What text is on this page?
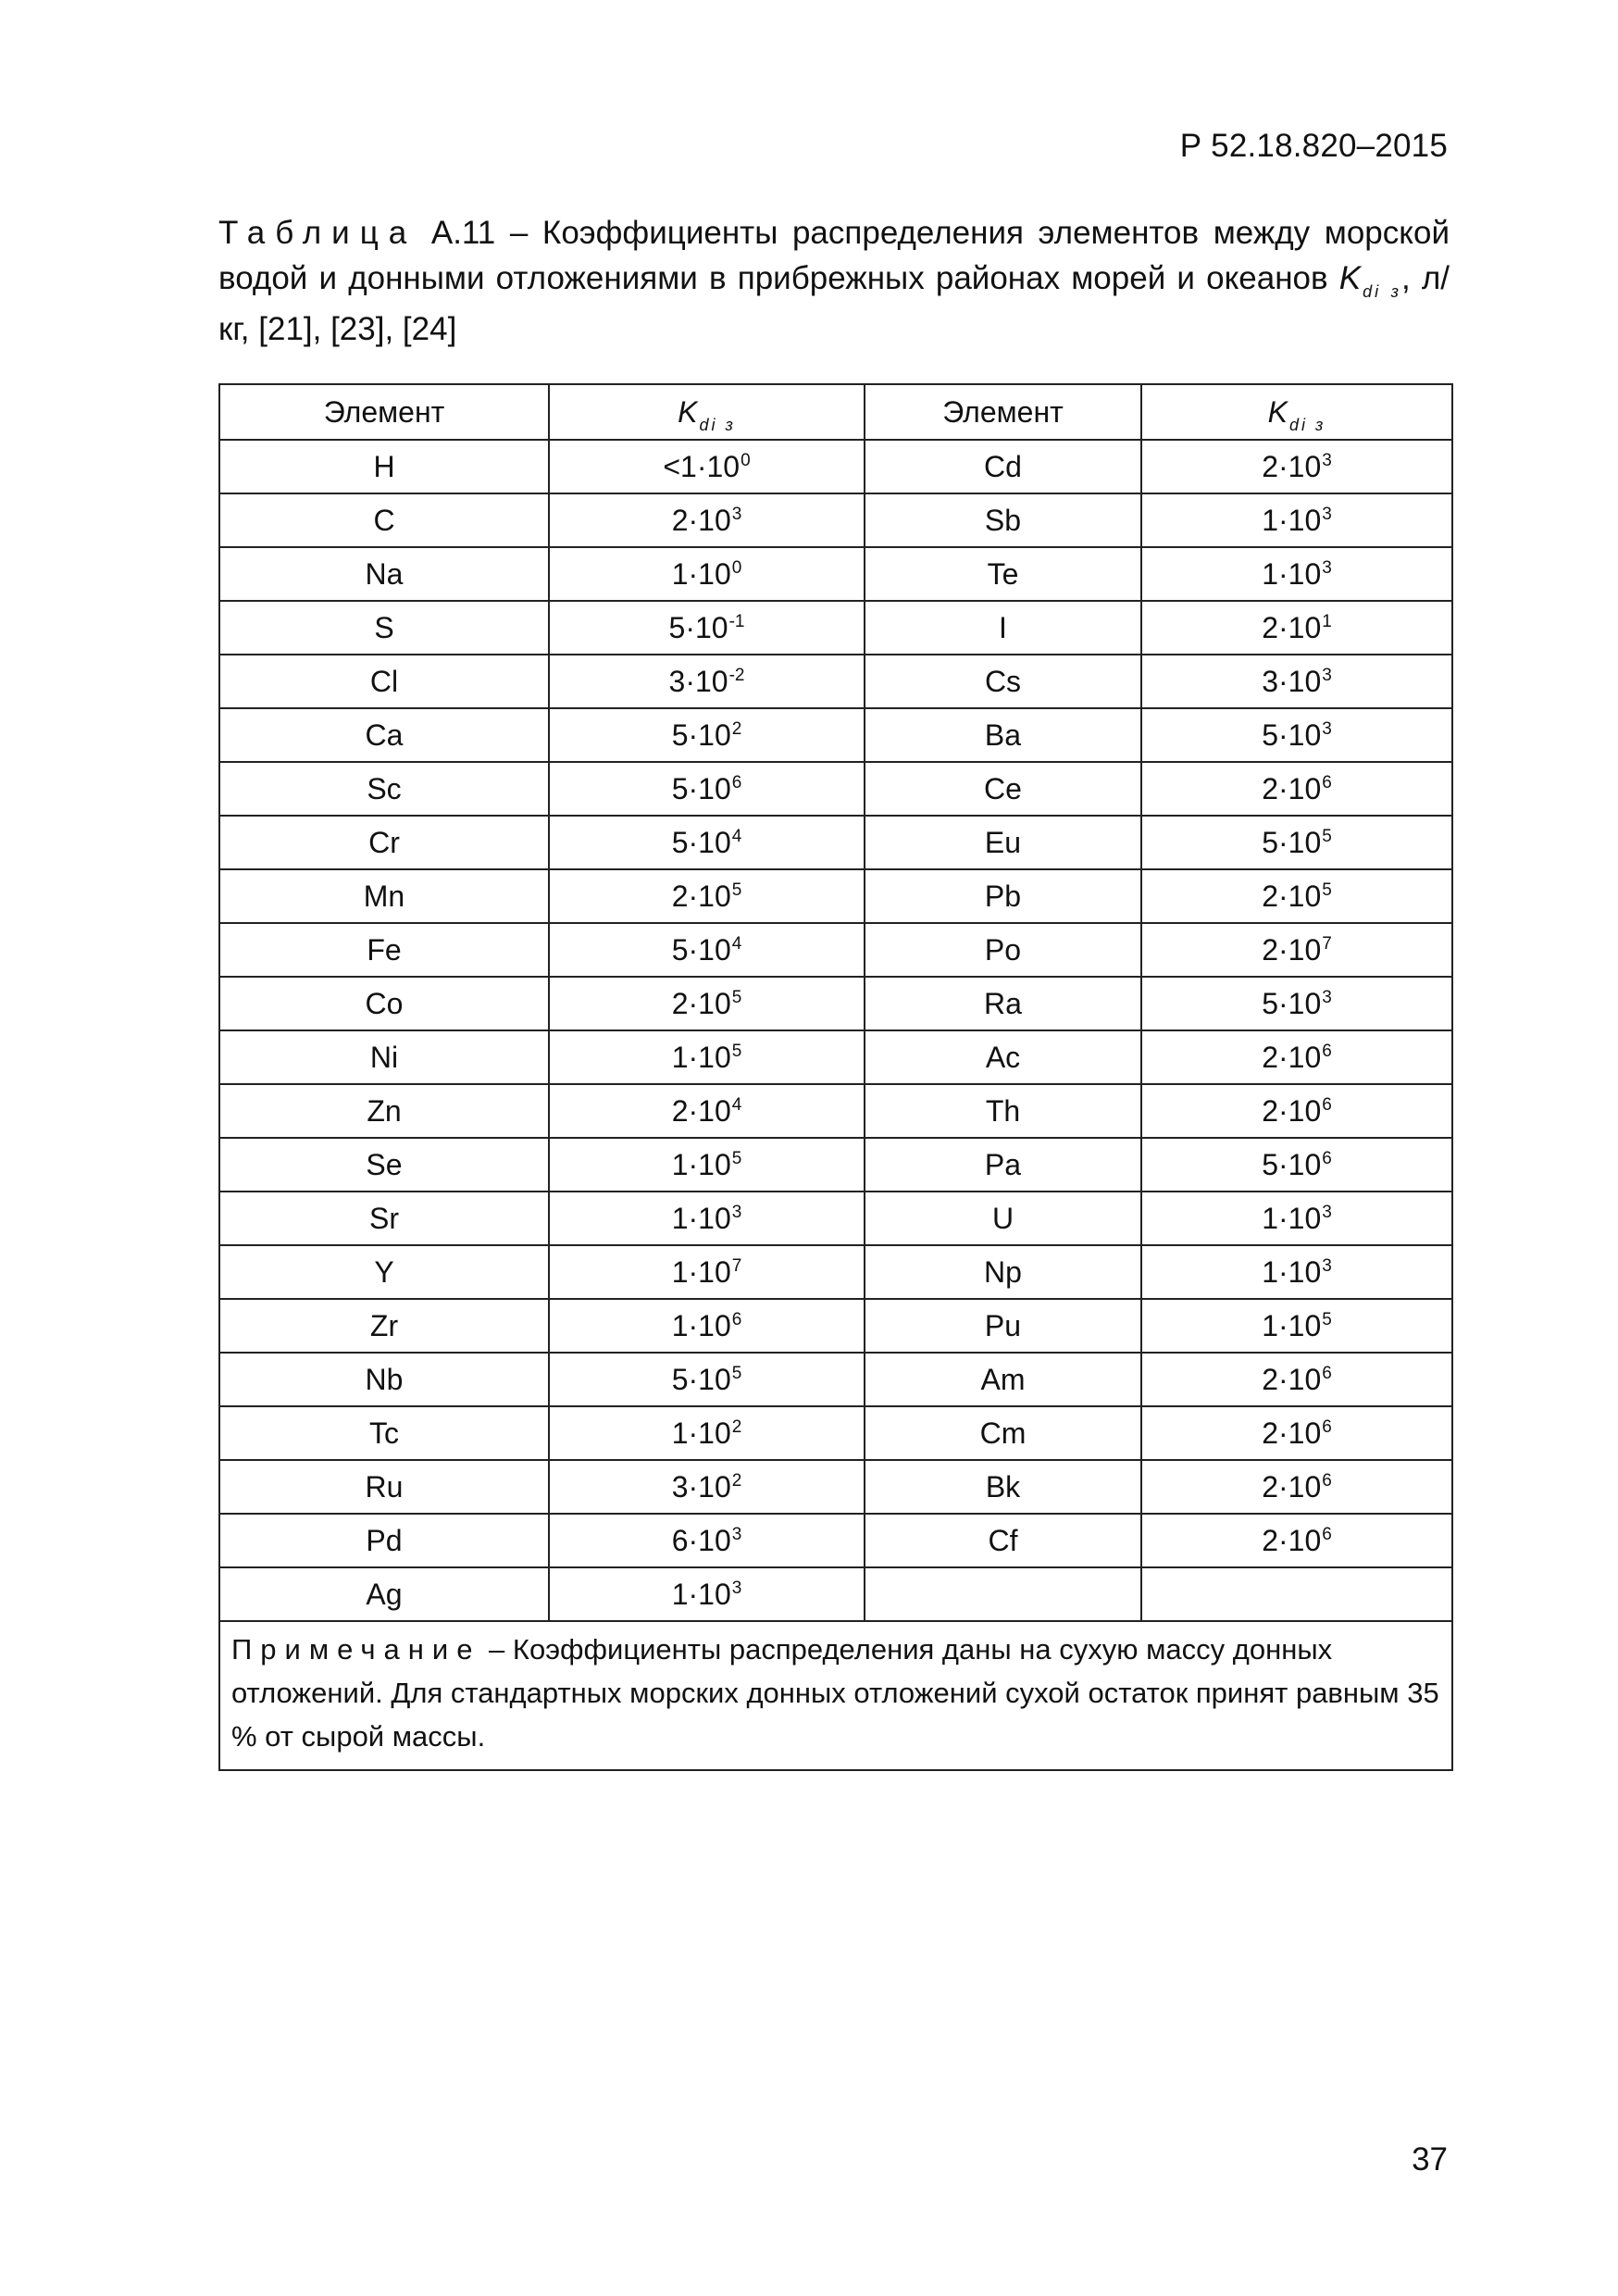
Р 52.18.820–2015
Таблица А.11 – Коэффициенты распределения элементов между морской водой и донными отложениями в прибрежных районах морей и океанов K $_{di з}$, л/кг, [21], [23], [24]
Элемент	K $_{di з}$	Элемент	K $_{di з}$
H	$<1\cdot 10^0$	Cd	$2\cdot 10^3$
C	$2\cdot 10^3$	Sb	$1\cdot 10^3$
Na	$1\cdot 10^0$	Te	$1\cdot 10^3$
S	$5\cdot 10^{-1}$	I	$2\cdot 10^1$
Cl	$3\cdot 10^{-2}$	Cs	$3\cdot 10^3$
Ca	$5\cdot 10^2$	Ba	$5\cdot 10^3$
Sc	$5\cdot 10^6$	Ce	$2\cdot 10^6$
Cr	$5\cdot 10^4$	Eu	$5\cdot 10^5$
Mn	$2\cdot 10^5$	Pb	$2\cdot 10^5$
Fe	$5\cdot 10^4$	Po	$2\cdot 10^7$
Co	$2\cdot 10^5$	Ra	$5\cdot 10^3$
Ni	$1\cdot 10^5$	Ac	$2\cdot 10^6$
Zn	$2\cdot 10^4$	Th	$2\cdot 10^6$
Se	$1\cdot 10^5$	Pa	$5\cdot 10^6$
Sr	$1\cdot 10^3$	U	$1\cdot 10^3$
Y	$1\cdot 10^7$	Np	$1\cdot 10^3$
Zr	$1\cdot 10^6$	Pu	$1\cdot 10^5$
Nb	$5\cdot 10^5$	Am	$2\cdot 10^6$
Tc	$1\cdot 10^2$	Cm	$2\cdot 10^6$
Ru	$3\cdot 10^2$	Bk	$2\cdot 10^6$
Pd	$6\cdot 10^3$	Cf	$2\cdot 10^6$
Ag	$1\cdot 10^3$		
Примечание – Коэффициенты распределения даны на сухую массу донных отложений. Для стандартных морских донных отложений сухой остаток принят равным 35 % от сырой массы.			
37
